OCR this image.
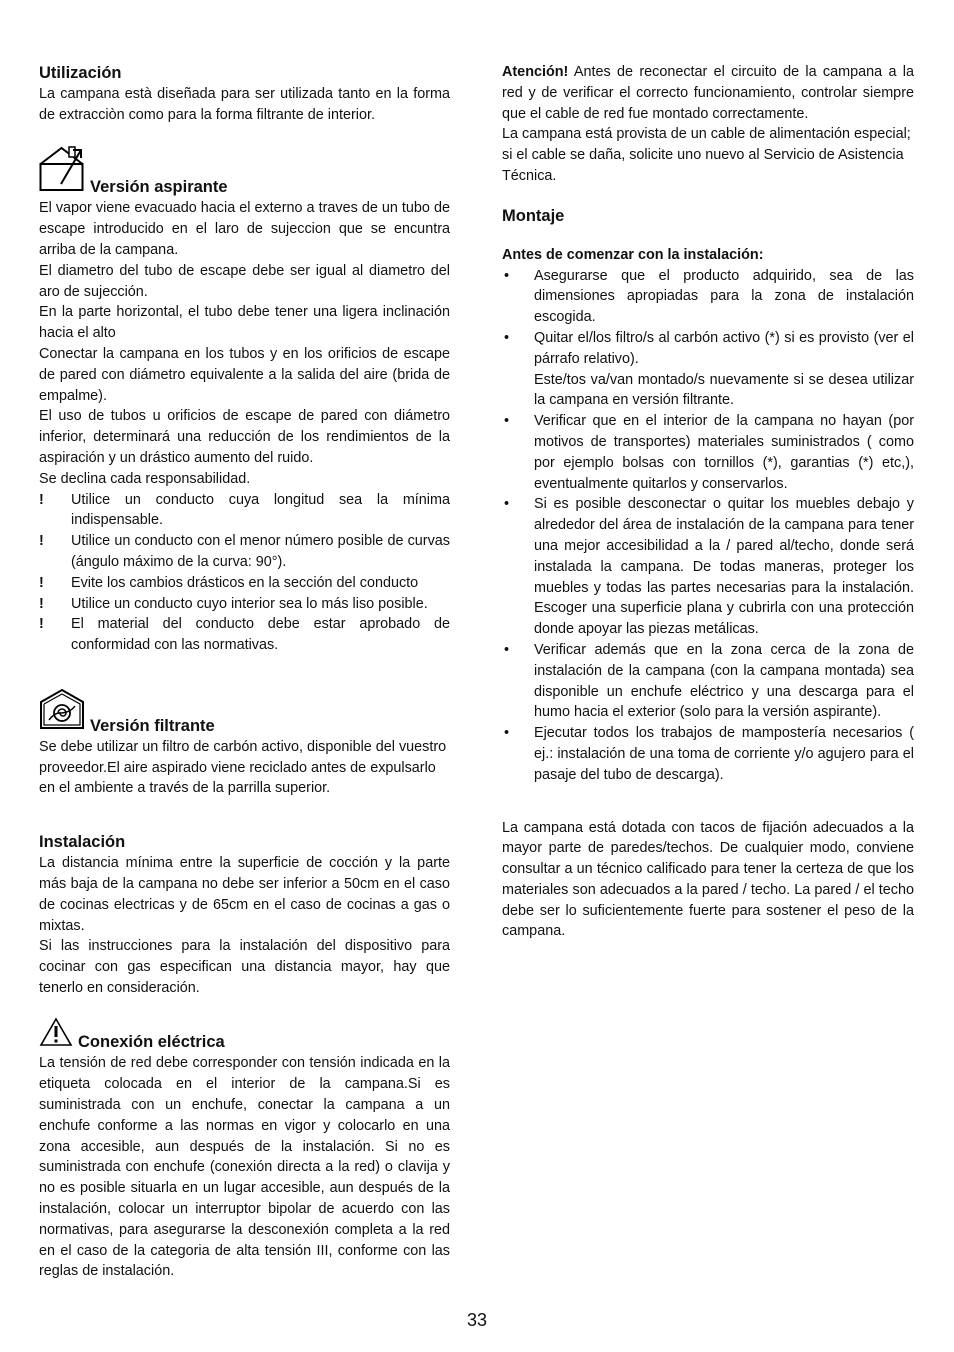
Utilización

La campana està diseñada para ser utilizada tanto en la forma de extracciòn como para la forma filtrante de interior.

Versión aspirante

El vapor viene evacuado hacia el externo a traves de un tubo de escape introducido en el laro de sujeccion que se encuntra arriba de la campana.

El diametro del tubo de escape debe ser igual al diametro del aro de sujección.

En la parte horizontal, el tubo debe tener una ligera inclinación hacia el alto

Conectar la campana en los tubos y en los orificios de escape de pared con diámetro equivalente a la salida del aire (brida de empalme).

El uso de tubos u orificios de escape de pared con diámetro inferior, determinará una reducción de los rendimientos de la aspiración y un drástico aumento del ruido.

Se declina cada responsabilidad.

! Utilice un conducto cuya longitud sea la mínima indispensable.
! Utilice un conducto con el menor número posible de curvas (ángulo máximo de la curva: 90°).
! Evite los cambios drásticos en la sección del conducto
! Utilice un conducto cuyo interior sea lo más liso posible.
! El material del conducto debe estar aprobado de conformidad con las normativas.
Versión filtrante

Se debe utilizar un filtro de carbón activo, disponible del vuestro proveedor.El aire aspirado viene reciclado antes de expulsarlo en el ambiente a través de la parrilla superior.

Instalación

La distancia mínima entre la superficie de cocción y la parte más baja de la campana no debe ser inferior a 50cm en el caso de cocinas electricas y de 65cm en el caso de cocinas a gas o mixtas.

Si las instrucciones para la instalación del dispositivo para cocinar con gas especifican una distancia mayor, hay que tenerlo en consideración.

Conexión eléctrica

La tensión de red debe corresponder con tensión indicada en la etiqueta colocada en el interior de la campana.Si es suministrada con un enchufe, conectar la campana a un enchufe conforme a las normas en vigor y colocarlo en una zona accesible, aun después de la instalación. Si no es suministrada con enchufe (conexión directa a la red) o clavija y no es posible situarla en un lugar accesible, aun después de la instalación, colocar un interruptor bipolar de acuerdo con las normativas, para asegurarse la desconexión completa a la red en el caso de la categoria de alta tensión III, conforme con las reglas de instalación.

Atención! Antes de reconectar el circuito de la campana a la red y de verificar el correcto funcionamiento, controlar siempre que el cable de red fue montado correctamente.

La campana está provista de un cable de alimentación especial; si el cable se daña, solicite uno nuevo al Servicio de Asistencia Técnica.

Montaje

Antes de comenzar con la instalación:

• Asegurarse que el producto adquirido, sea de las dimensiones apropiadas para la zona de instalación escogida.
• Quitar el/los filtro/s al carbón activo (*) si es provisto (ver el párrafo relativo).
Este/tos va/van montado/s nuevamente si se desea utilizar la campana en versión filtrante.
• Verificar que en el interior de la campana no hayan (por motivos de transportes) materiales suministrados ( como por ejemplo bolsas con tornillos (*), garantias (*) etc,), eventualmente quitarlos y conservarlos.
• Si es posible desconectar o quitar los muebles debajo y alrededor del área de instalación de la campana para tener una mejor accesibilidad a la / pared al/techo, donde será instalada la campana. De todas maneras, proteger los muebles y todas las partes necesarias para la instalación. Escoger una superficie plana y cubrirla con una protección donde apoyar las piezas metálicas.
• Verificar además que en la zona cerca de la zona de instalación de la campana (con la campana montada) sea disponible un enchufe eléctrico y una descarga para el humo hacia el exterior (solo para la versión aspirante).
• Ejecutar todos los trabajos de mampostería necesarios ( ej.: instalación de una toma de corriente y/o agujero para el pasaje del tubo de descarga).

La campana está dotada con tacos de fijación adecuados a la mayor parte de paredes/techos. De cualquier modo, conviene consultar a un técnico calificado para tener la certeza de que los materiales son adecuados a la pared / techo. La pared / el techo debe ser lo suficientemente fuerte para sostener el peso de la campana.

33
